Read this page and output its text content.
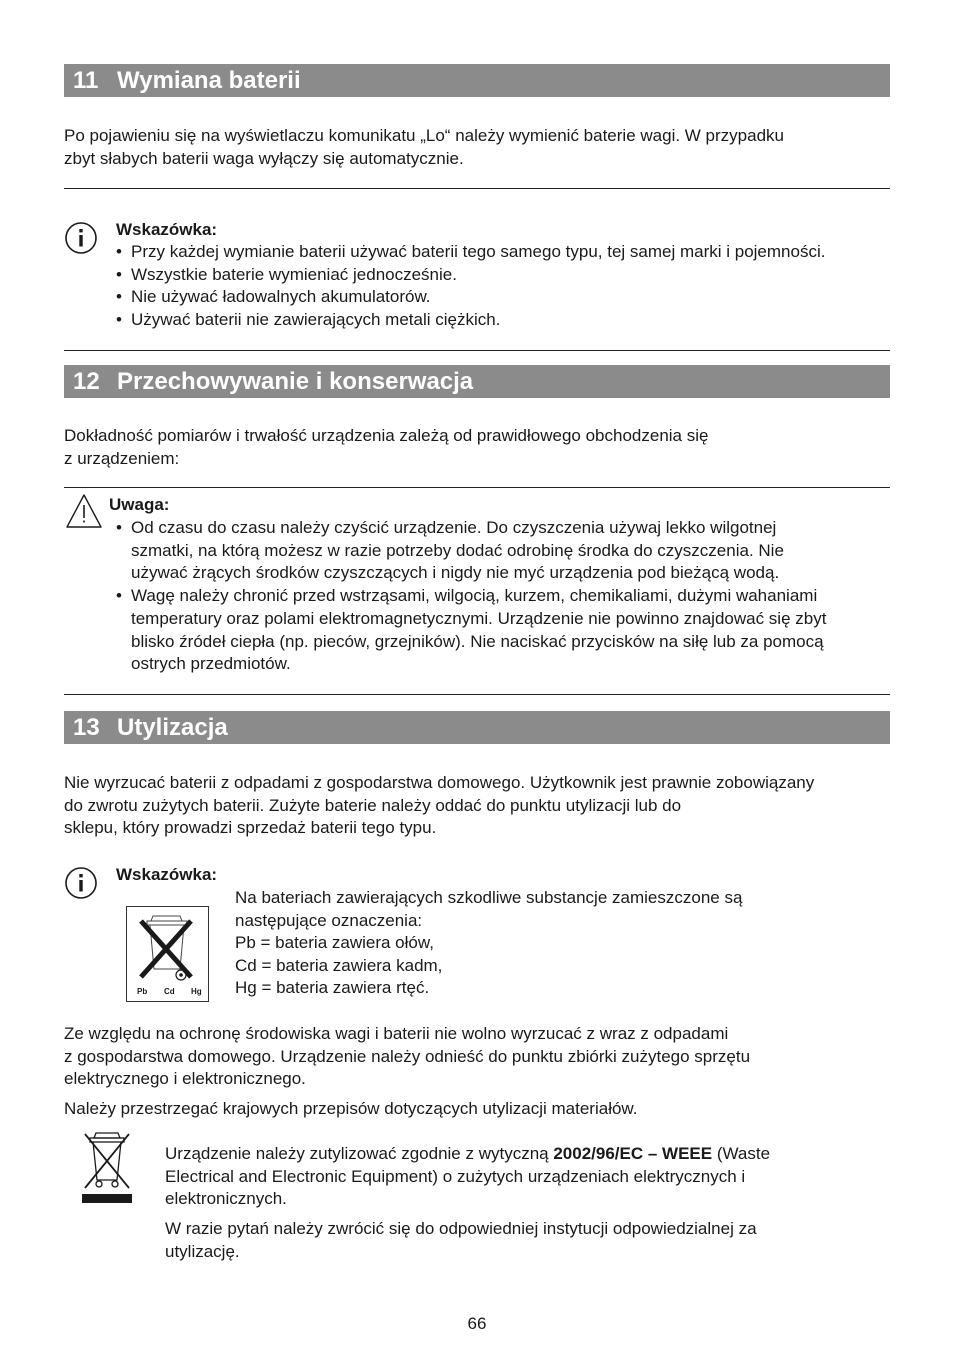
11 Wymiana baterii
Po pojawieniu się na wyświetlaczu komunikatu „Lo“ należy wymienić baterie wagi. W przypadku
zbyt słabych baterii waga wyłączy się automatycznie.
Wskazówka:
• Przy każdej wymianie baterii używać baterii tego samego typu, tej samej marki i pojemności.
• Wszystkie baterie wymieniać jednocześnie.
• Nie używać ładowalnych akumulatorów.
• Używać baterii nie zawierających metali ciężkich.
12 Przechowywanie i konserwacja
Dokładność pomiarów i trwałość urządzenia zależą od prawidłowego obchodzenia się
z urządzeniem:
Uwaga:
• Od czasu do czasu należy czyścić urządzenie. Do czyszczenia używaj lekko wilgotnej
szmatki, na którą możesz w razie potrzeby dodać odrobinę środka do czyszczenia. Nie
używać żrących środków czyszczących i nigdy nie myć urządzenia pod bieżącą wodą.
• Wagę należy chronić przed wstrząsami, wilgocią, kurzem, chemikaliami, dużymi wahaniami
temperatury oraz polami elektromagnetycznymi. Urządzenie nie powinno znajdować się zbyt
blisko źródeł ciepła (np. pieców, grzejników). Nie naciskać przycisków na siłę lub za pomocą
ostrych przedmiotów.
13 Utylizacja
Nie wyrzucać baterii z odpadami z gospodarstwa domowego. Użytkownik jest prawnie zobowiązany
do zwrotu zużytych baterii. Zużyte baterie należy oddać do punktu utylizacji lub do
sklepu, który prowadzi sprzedaż baterii tego typu.
Wskazówka:
Pb Cd Hg
Na bateriach zawierających szkodliwe substancje zamieszczone są
następujące oznaczenia:
Pb = bateria zawiera ołów,
Cd = bateria zawiera kadm,
Hg = bateria zawiera rtęć.
Ze względu na ochronę środowiska wagi i baterii nie wolno wyrzucać z wraz z odpadami
z gospodarstwa domowego. Urządzenie należy odnieść do punktu zbiórki zużytego sprzętu
elektrycznego i elektronicznego.
Należy przestrzegać krajowych przepisów dotyczących utylizacji materiałów.
Urządzenie należy zutylizować zgodnie z wytyczną 2002/96/EC – WEEE (Waste
Electrical and Electronic Equipment) o zużytych urządzeniach elektrycznych i
elektronicznych.
W razie pytań należy zwrócić się do odpowiedniej instytucji odpowiedzialnej za
utylizację.
66
